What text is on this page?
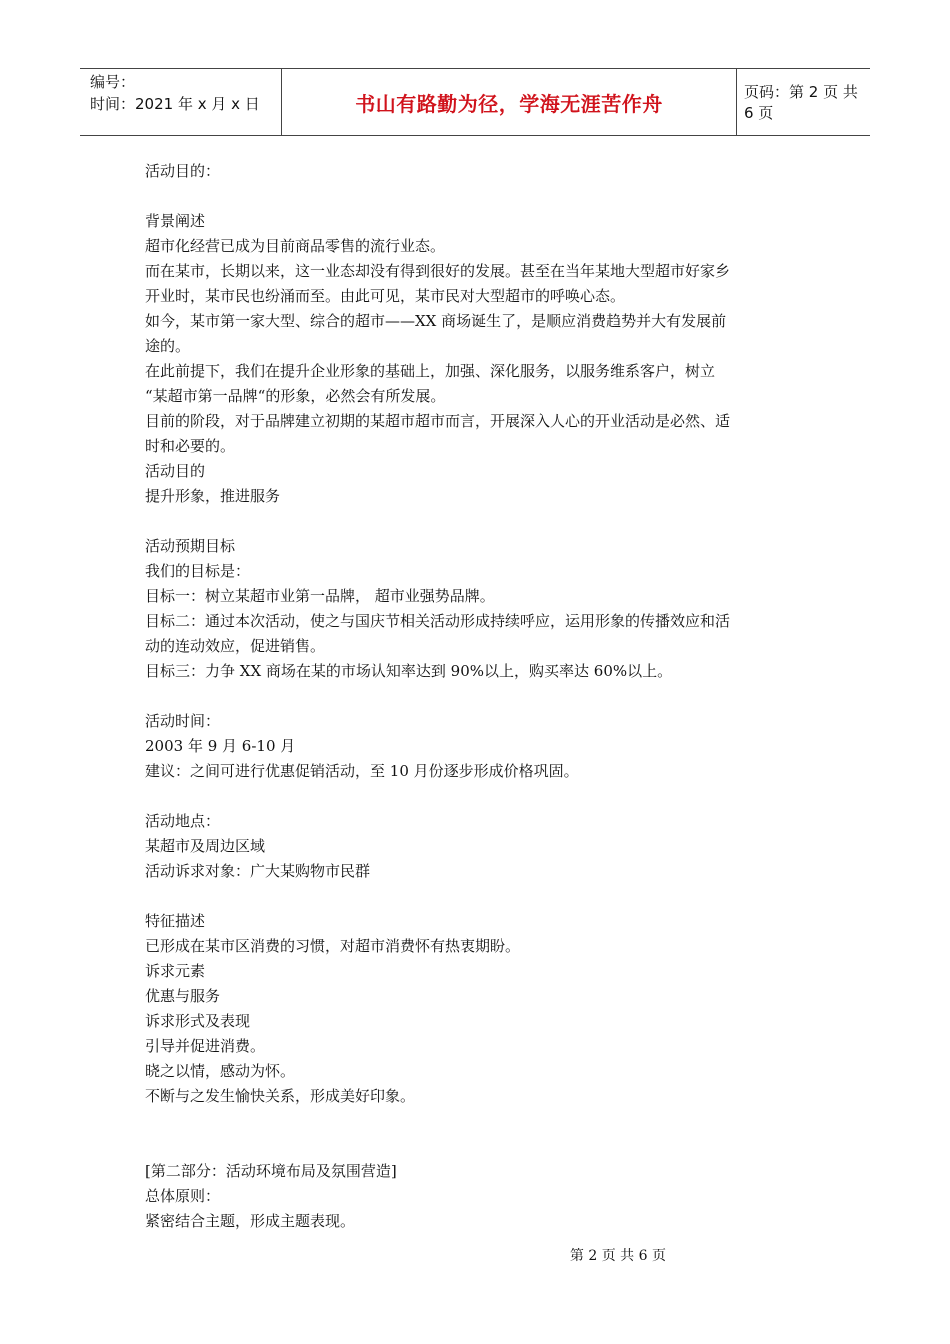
编号：
时间：2021 年 x 月 x 日	书山有路勤为径，学海无涯苦作舟	页码：第 2 页 共 6 页
活动目的：
背景阐述
超市化经营已成为目前商品零售的流行业态。
而在某市，长期以来，这一业态却没有得到很好的发展。甚至在当年某地大型超市好家乡
开业时，某市民也纷涌而至。由此可见，某市民对大型超市的呼唤心态。
如今，某市第一家大型、综合的超市——XX 商场诞生了，是顺应消费趋势并大有发展前
途的。
在此前提下，我们在提升企业形象的基础上，加强、深化服务，以服务维系客户，树立
“某超市第一品牌“的形象，必然会有所发展。
目前的阶段，对于品牌建立初期的某超市超市而言，开展深入人心的开业活动是必然、适
时和必要的。
活动目的
提升形象，推进服务
活动预期目标
我们的目标是：
目标一：树立某超市业第一品牌， 超市业强势品牌。
目标二：通过本次活动，使之与国庆节相关活动形成持续呼应，运用形象的传播效应和活
动的连动效应，促进销售。
目标三：力争 XX 商场在某的市场认知率达到 90%以上，购买率达 60%以上。
活动时间：
2003 年 9 月 6-10 月
建议：之间可进行优惠促销活动，至 10 月份逐步形成价格巩固。
活动地点：
某超市及周边区域
活动诉求对象：广大某购物市民群
特征描述
已形成在某市区消费的习惯，对超市消费怀有热衷期盼。
诉求元素
优惠与服务
诉求形式及表现
引导并促进消费。
晓之以情，感动为怀。
不断与之发生愉快关系，形成美好印象。
[第二部分：活动环境布局及氛围营造]
总体原则：
紧密结合主题，形成主题表现。
第 2 页 共 6 页
